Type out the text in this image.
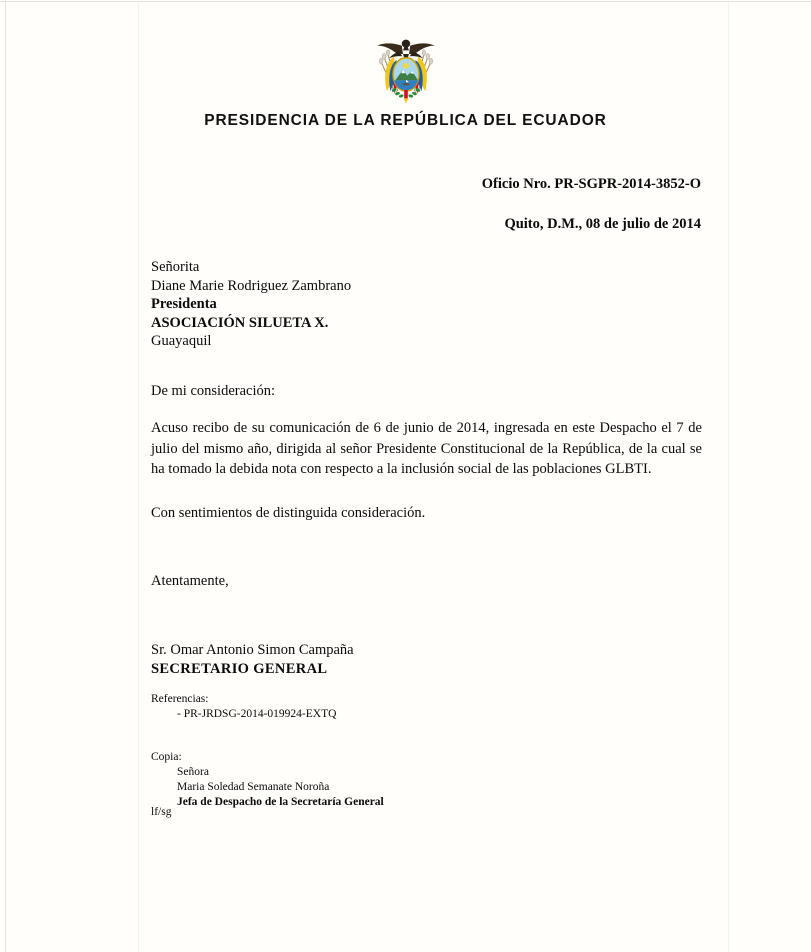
PRESIDENCIA DE LA REPÚBLICA DEL ECUADOR

Oficio Nro. PR-SGPR-2014-3852-O

Quito, D.M., 08 de julio de 2014

Señorita
Diane Marie Rodriguez Zambrano
Presidenta
ASOCIACIÓN SILUETA X.
Guayaquil
De mi consideración:
Acuso recibo de su comunicación de 6 de junio de 2014, ingresada en este Despacho el 7 de julio del mismo año, dirigida al señor Presidente Constitucional de la República, de la cual se ha tomado la debida nota con respecto a la inclusión social de las poblaciones GLBTI.
Con sentimientos de distinguida consideración.
Atentamente,
Sr. Omar Antonio Simon Campaña
SECRETARIO GENERAL
Referencias:
- PR-JRDSG-2014-019924-EXTQ
Copia:
Señora
Maria Soledad Semanate Noroña
Jefa de Despacho de la Secretaría General
lf/sg
